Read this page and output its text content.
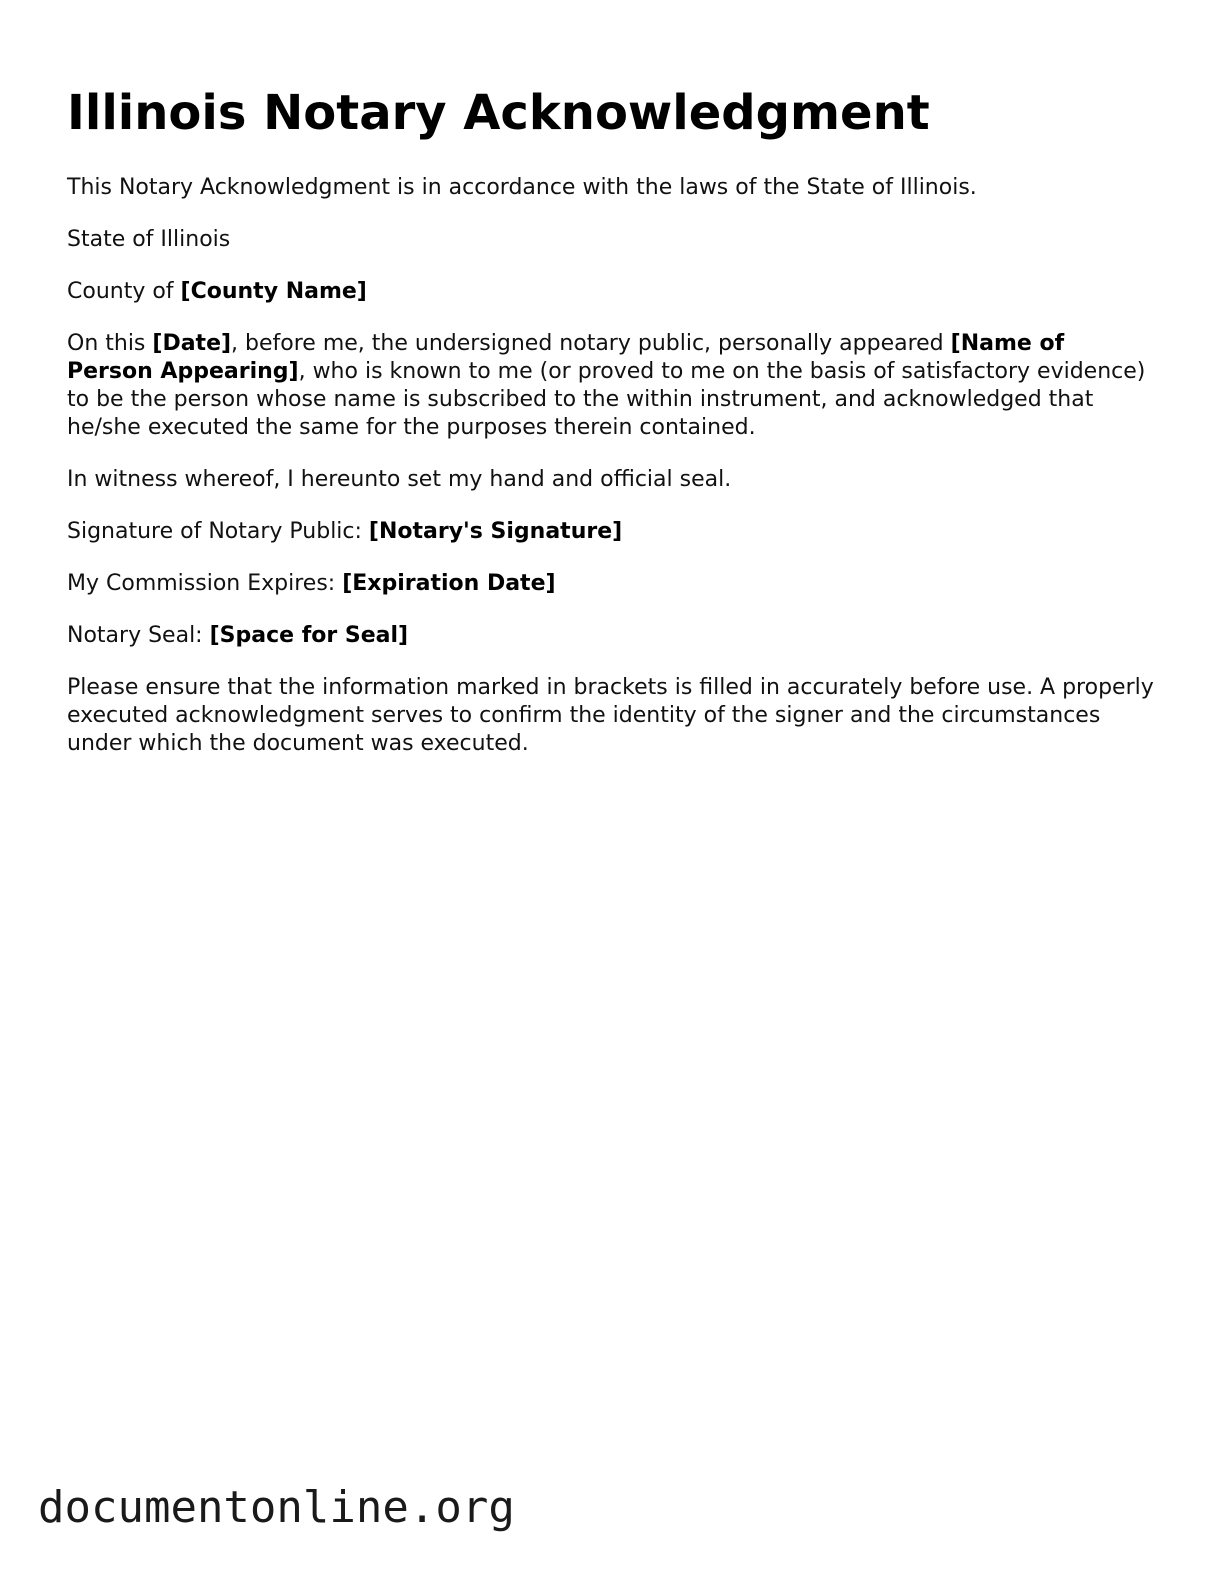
Illinois Notary Acknowledgment

This Notary Acknowledgment is in accordance with the laws of the State of Illinois.

State of Illinois

County of [County Name]

On this [Date], before me, the undersigned notary public, personally appeared [Name of Person Appearing], who is known to me (or proved to me on the basis of satisfactory evidence) to be the person whose name is subscribed to the within instrument, and acknowledged that he/she executed the same for the purposes therein contained.

In witness whereof, I hereunto set my hand and official seal.

Signature of Notary Public: [Notary's Signature]

My Commission Expires: [Expiration Date]

Notary Seal: [Space for Seal]

Please ensure that the information marked in brackets is filled in accurately before use. A properly executed acknowledgment serves to confirm the identity of the signer and the circumstances under which the document was executed.

documentonline.org
